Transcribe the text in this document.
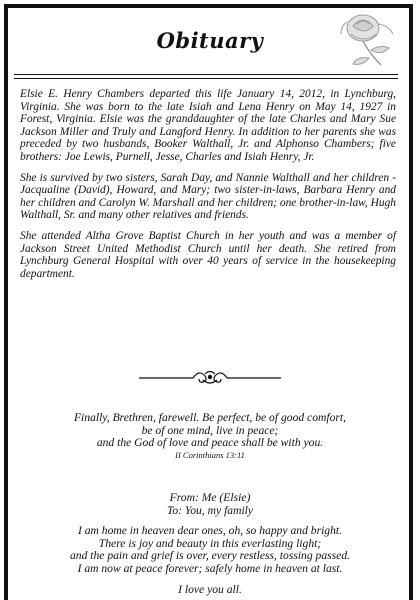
Obituary

Elsie E. Henry Chambers departed this life January 14, 2012, in Lynchburg, Virginia. She was born to the late Isiah and Lena Henry on May 14, 1927 in Forest, Virginia. Elsie was the granddaughter of the late Charles and Mary Sue Jackson Miller and Truly and Langford Henry. In addition to her parents she was preceded by two husbands, Booker Walthall, Jr. and Alphonso Chambers; five brothers: Joe Lewis, Purnell, Jesse, Charles and Isiah Henry, Jr.

She is survived by two sisters, Sarah Day, and Nannie Walthall and her children - Jacqualine (David), Howard, and Mary; two sister-in-laws, Barbara Henry and her children and Carolyn W. Marshall and her children; one brother-in-law, Hugh Walthall, Sr. and many other relatives and friends.

She attended Altha Grove Baptist Church in her youth and was a member of Jackson Street United Methodist Church until her death. She retired from Lynchburg General Hospital with over 40 years of service in the housekeeping department.

Finally, Brethren, farewell. Be perfect, be of good comfort,
be of one mind, live in peace;
and the God of love and peace shall be with you.
II Corinthians 13:11
From: Me (Elsie)
To: You, my family
I am home in heaven dear ones, oh, so happy and bright.
There is joy and beauty in this everlasting light;
and the pain and grief is over, every restless, tossing passed.
I am now at peace forever; safely home in heaven at last.
I love you all.
